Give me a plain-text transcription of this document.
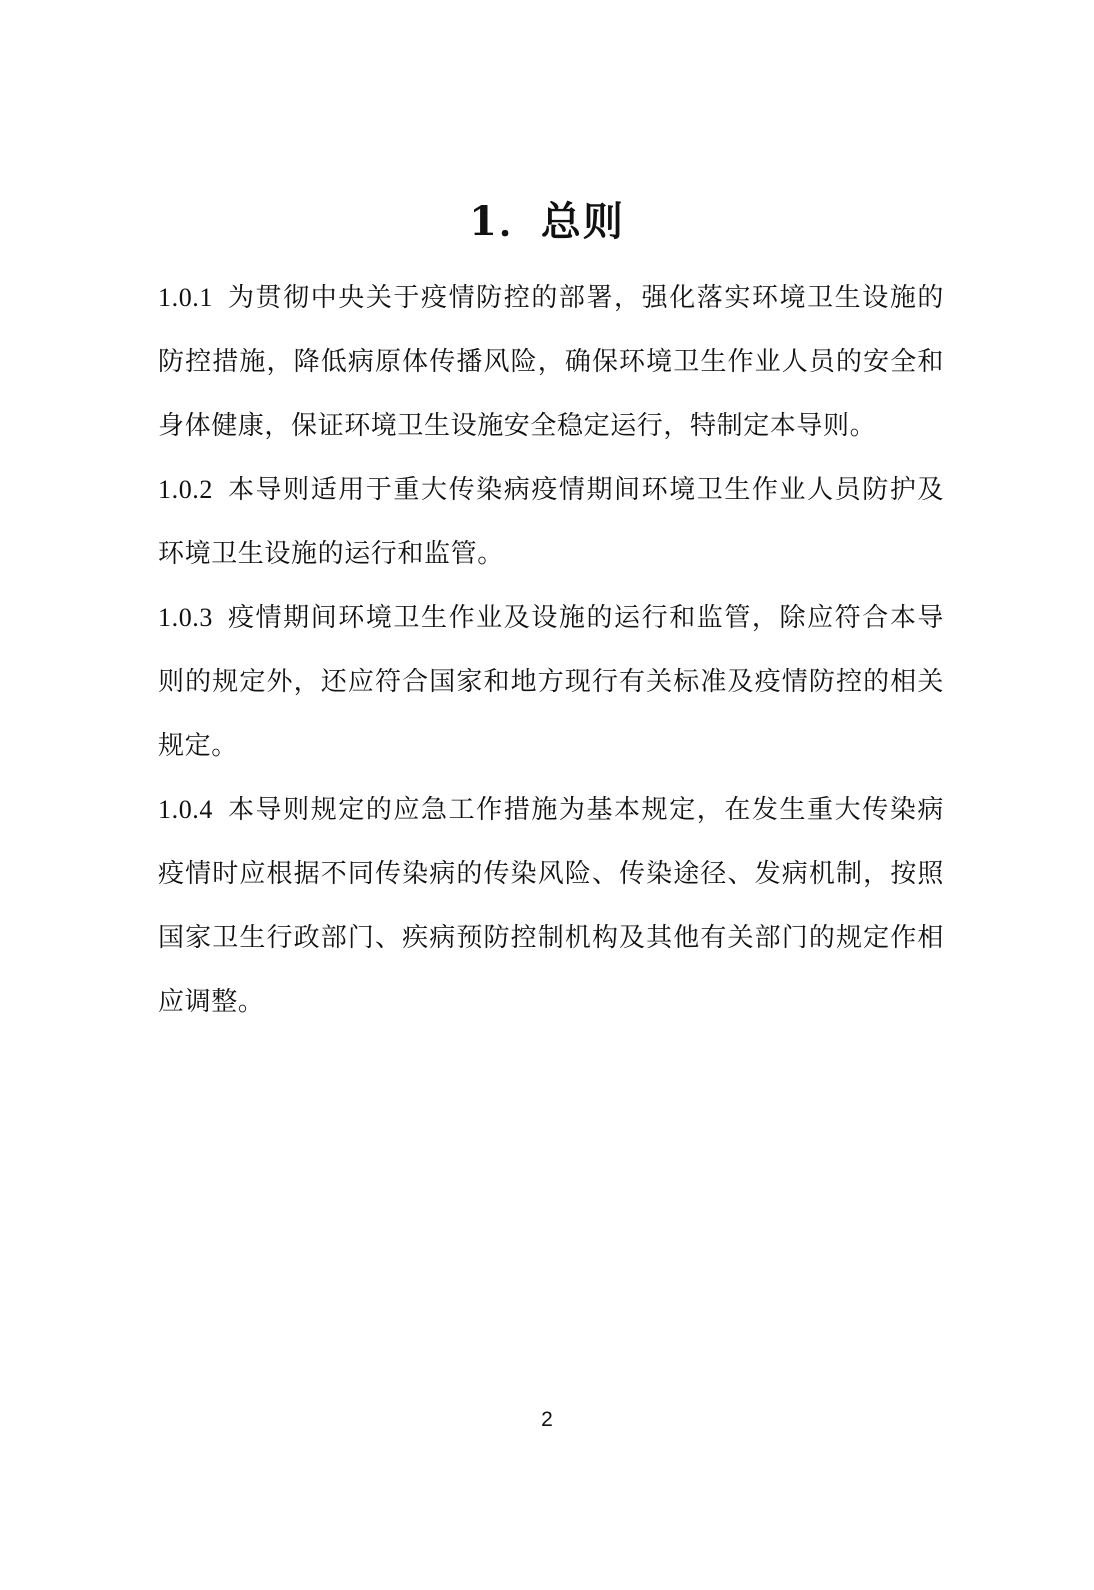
1．总则

1.0.1 为贯彻中央关于疫情防控的部署，强化落实环境卫生设施的防控措施，降低病原体传播风险，确保环境卫生作业人员的安全和身体健康，保证环境卫生设施安全稳定运行，特制定本导则。

1.0.2 本导则适用于重大传染病疫情期间环境卫生作业人员防护及环境卫生设施的运行和监管。

1.0.3 疫情期间环境卫生作业及设施的运行和监管，除应符合本导则的规定外，还应符合国家和地方现行有关标准及疫情防控的相关规定。

1.0.4 本导则规定的应急工作措施为基本规定，在发生重大传染病疫情时应根据不同传染病的传染风险、传染途径、发病机制，按照国家卫生行政部门、疾病预防控制机构及其他有关部门的规定作相应调整。

2
